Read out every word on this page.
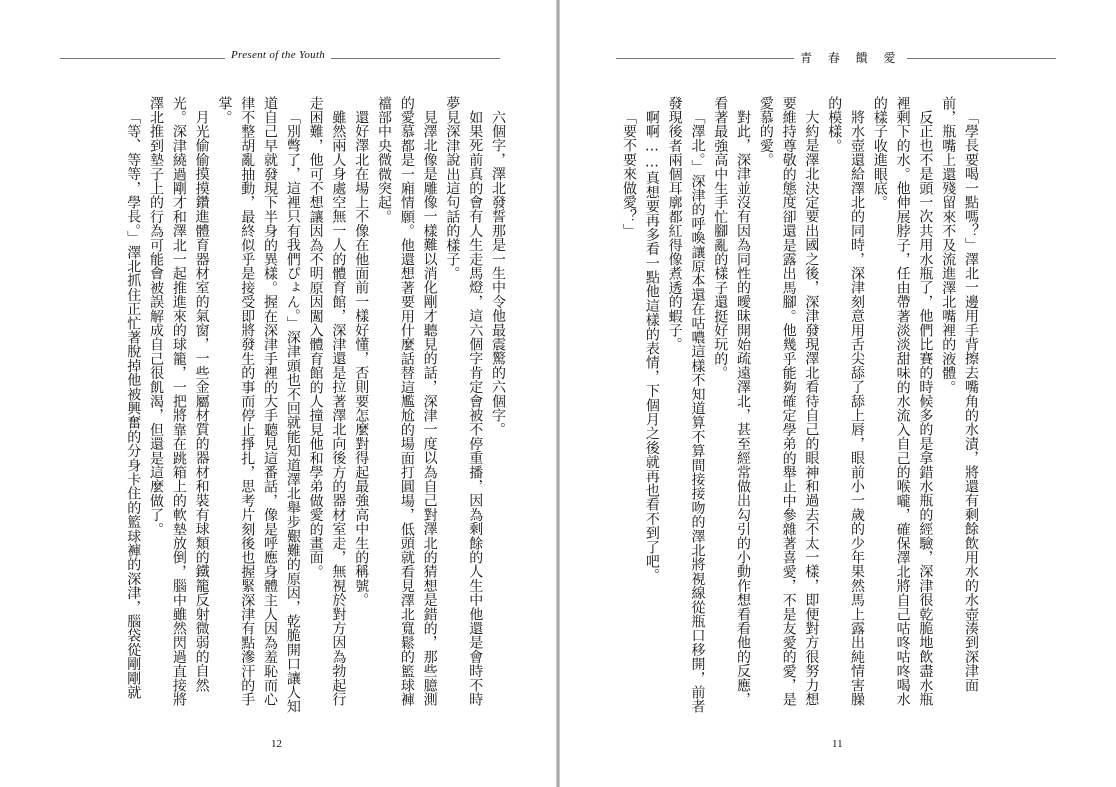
Present of the Youth

六個字，澤北發誓那是一生中令他最震驚的六個字。

如果死前真的會有人生走馬燈，這六個字肯定會被不停重播，因為剩餘的人生中他還是會時不時夢見深津說出這句話的樣子。

見澤北像是雕像一樣難以消化剛才聽見的話，深津一度以為自己對澤北的猜想是錯的，那些臆測的愛慕都是一廂情願。他還想著要用什麼話替這尷尬的場面打圓場，低頭就看見澤北寬鬆的籃球褲襠部中央微微突起。

還好澤北在場上不像在他面前一樣好懂，否則要怎麼對得起最強高中生的稱號。

雖然兩人身處空無一人的體育館，深津還是拉著澤北向後方的器材室走，無視於對方因為勃起行走困難，他可不想讓因為不明原因闖入體育館的人撞見他和學弟做愛的畫面。

「別彆了，這裡只有我們ぴょん。」深津頭也不回就能知道澤北舉步艱難的原因，乾脆開口讓人知道自己早就發現下半身的異樣。握在深津手裡的大手聽見這番話，像是呼應身體主人因為羞恥而心律不整胡亂抽動，最終似乎是接受即將發生的事而停止掙扎，思考片刻後也握緊深津有點滲汗的手掌。

月光偷偷摸摸鑽進體育器材室的氣窗，一些金屬材質的器材和裝有球類的鐵籠反射微弱的自然光。深津繞過剛才和澤北一起推進來的球籠，一把將靠在跳箱上的軟墊放倒，腦中雖然閃過直接將澤北推到墊子上的行為可能會被誤解成自己很飢渴，但還是這麼做了。

「等、等等，學長。」澤北抓住正忙著脫掉他被興奮的分身卡住的籃球褲的深津，腦袋從剛剛就

12
青 春 饋 愛

「學長要喝一點嗎？」澤北一邊用手背擦去嘴角的水漬，將還有剩餘飲用水的水壺湊到深津面前，瓶嘴上還殘留來不及流進澤北嘴裡的液體。

反正也不是頭一次共用水瓶了，他們比賽的時候多的是拿錯水瓶的經驗，深津很乾脆地飲盡水瓶裡剩下的水。他伸展脖子，任由帶著淡淡甜味的水流入自己的喉嚨，確保澤北將自己咕咚咕咚喝水的樣子收進眼底。

將水壺還給澤北的同時，深津刻意用舌尖舔了舔上唇，眼前小一歲的少年果然馬上露出純情害臊的模樣。

大約是澤北決定要出國之後，深津發現澤北看待自己的眼神和過去不太一樣，即便對方很努力想要維持尊敬的態度卻還是露出馬腳。他幾乎能夠確定學弟的舉止中參雜著喜愛，不是友愛的愛，是愛慕的愛。

對此，深津並沒有因為同性的曖昧開始疏遠澤北，甚至經常做出勾引的小動作想看看他的反應，看著最強高中生手忙腳亂的樣子還挺好玩的。

「澤北。」深津的呼喚讓原本還在咕噥這樣不知道算不算間接接吻的澤北將視線從瓶口移開，前者發現後者兩個耳廓都紅得像煮透的蝦子。

啊啊……真想要再多看一點他這樣的表情，下個月之後就再也看不到了吧。

「要不要來做愛？」

11
